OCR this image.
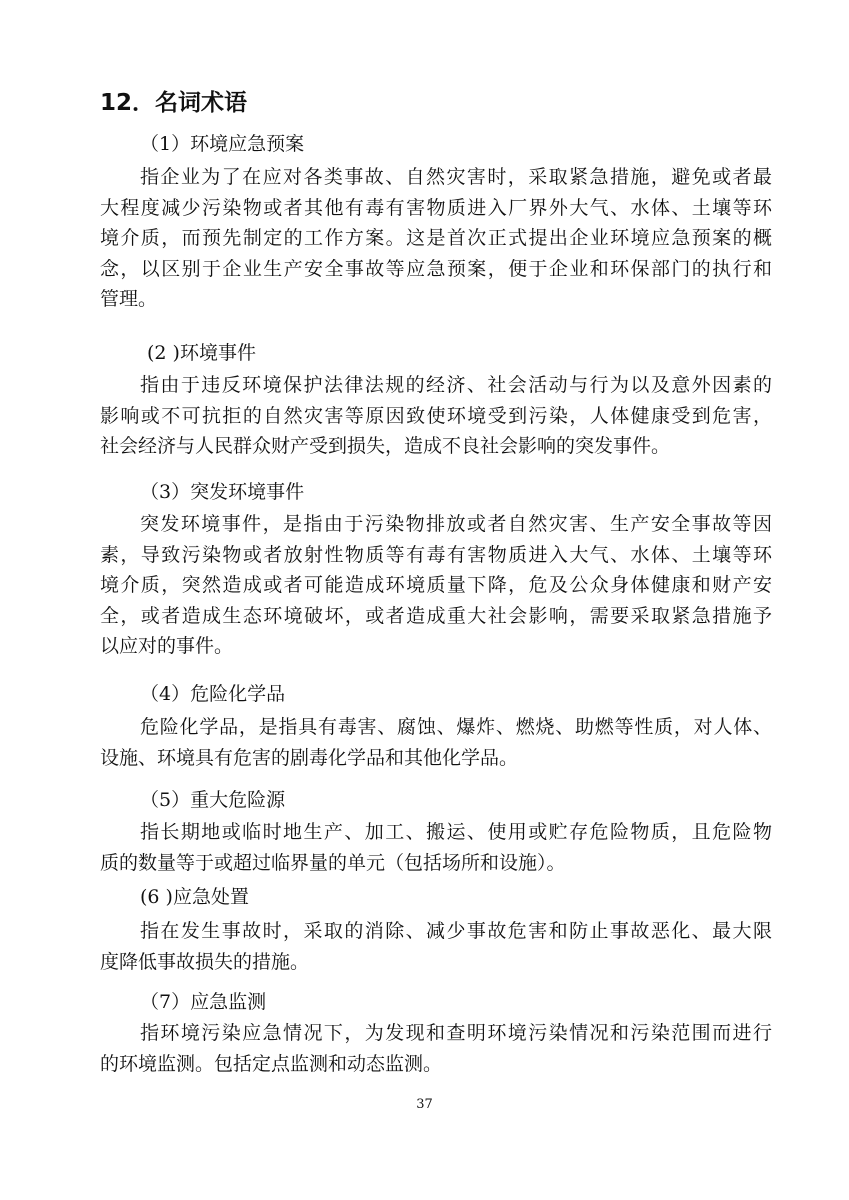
12．名词术语
（1）环境应急预案
指企业为了在应对各类事故、自然灾害时，采取紧急措施，避免或者最
大程度减少污染物或者其他有毒有害物质进入厂界外大气、水体、土壤等环
境介质，而预先制定的工作方案。这是首次正式提出企业环境应急预案的概
念，以区别于企业生产安全事故等应急预案，便于企业和环保部门的执行和
管理。
(2 )环境事件
指由于违反环境保护法律法规的经济、社会活动与行为以及意外因素的
影响或不可抗拒的自然灾害等原因致使环境受到污染，人体健康受到危害，
社会经济与人民群众财产受到损失，造成不良社会影响的突发事件。
（3）突发环境事件
突发环境事件，是指由于污染物排放或者自然灾害、生产安全事故等因
素，导致污染物或者放射性物质等有毒有害物质进入大气、水体、土壤等环
境介质，突然造成或者可能造成环境质量下降，危及公众身体健康和财产安
全，或者造成生态环境破坏，或者造成重大社会影响，需要采取紧急措施予
以应对的事件。
（4）危险化学品
危险化学品，是指具有毒害、腐蚀、爆炸、燃烧、助燃等性质，对人体、
设施、环境具有危害的剧毒化学品和其他化学品。
（5）重大危险源
指长期地或临时地生产、加工、搬运、使用或贮存危险物质，且危险物
质的数量等于或超过临界量的单元（包括场所和设施）。
(6 )应急处置
指在发生事故时，采取的消除、减少事故危害和防止事故恶化、最大限
度降低事故损失的措施。
（7）应急监测
指环境污染应急情况下，为发现和查明环境污染情况和污染范围而进行
的环境监测。包括定点监测和动态监测。
37
